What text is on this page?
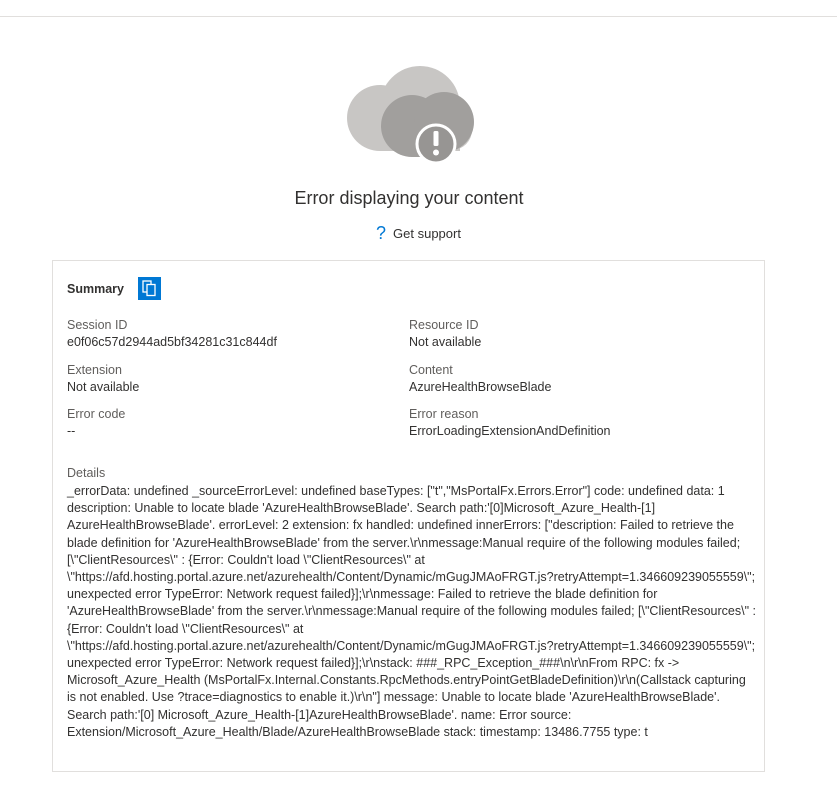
Error displaying your content
? Get support
Summary
Session ID
e0f06c57d2944ad5bf34281c31c844df
Resource ID
Not available
Extension
Not available
Content
AzureHealthBrowseBlade
Error code
--
Error reason
ErrorLoadingExtensionAndDefinition
Details
_errorData: undefined _sourceErrorLevel: undefined baseTypes: ["t","MsPortalFx.Errors.Error"] code: undefined data: 1 description: Unable to locate blade 'AzureHealthBrowseBlade'. Search path:'[0]Microsoft_Azure_Health-[1] AzureHealthBrowseBlade'. errorLevel: 2 extension: fx handled: undefined innerErrors: ["description: Failed to retrieve the blade definition for 'AzureHealthBrowseBlade' from the server.\r\nmessage:Manual require of the following modules failed; [\"ClientResources\" : {Error: Couldn't load \"ClientResources\" at \"https://afd.hosting.portal.azure.net/azurehealth/Content/Dynamic/mGugJMAoFRGT.js?retryAttempt=1.346609239055559\"; unexpected error TypeError: Network request failed}];\r\nmessage: Failed to retrieve the blade definition for 'AzureHealthBrowseBlade' from the server.\r\nmessage:Manual require of the following modules failed; [\"ClientResources\" : {Error: Couldn't load \"ClientResources\" at \"https://afd.hosting.portal.azure.net/azurehealth/Content/Dynamic/mGugJMAoFRGT.js?retryAttempt=1.346609239055559\"; unexpected error TypeError: Network request failed}];\r\nstack: ###_RPC_Exception_###\n\r\nFrom RPC: fx -> Microsoft_Azure_Health (MsPortalFx.Internal.Constants.RpcMethods.entryPointGetBladeDefinition)\r\n(Callstack capturing is not enabled. Use ?trace=diagnostics to enable it.)\r\n"] message: Unable to locate blade 'AzureHealthBrowseBlade'. Search path:'[0] Microsoft_Azure_Health-[1]AzureHealthBrowseBlade'. name: Error source: Extension/Microsoft_Azure_Health/Blade/AzureHealthBrowseBlade stack: timestamp: 13486.7755 type: t
